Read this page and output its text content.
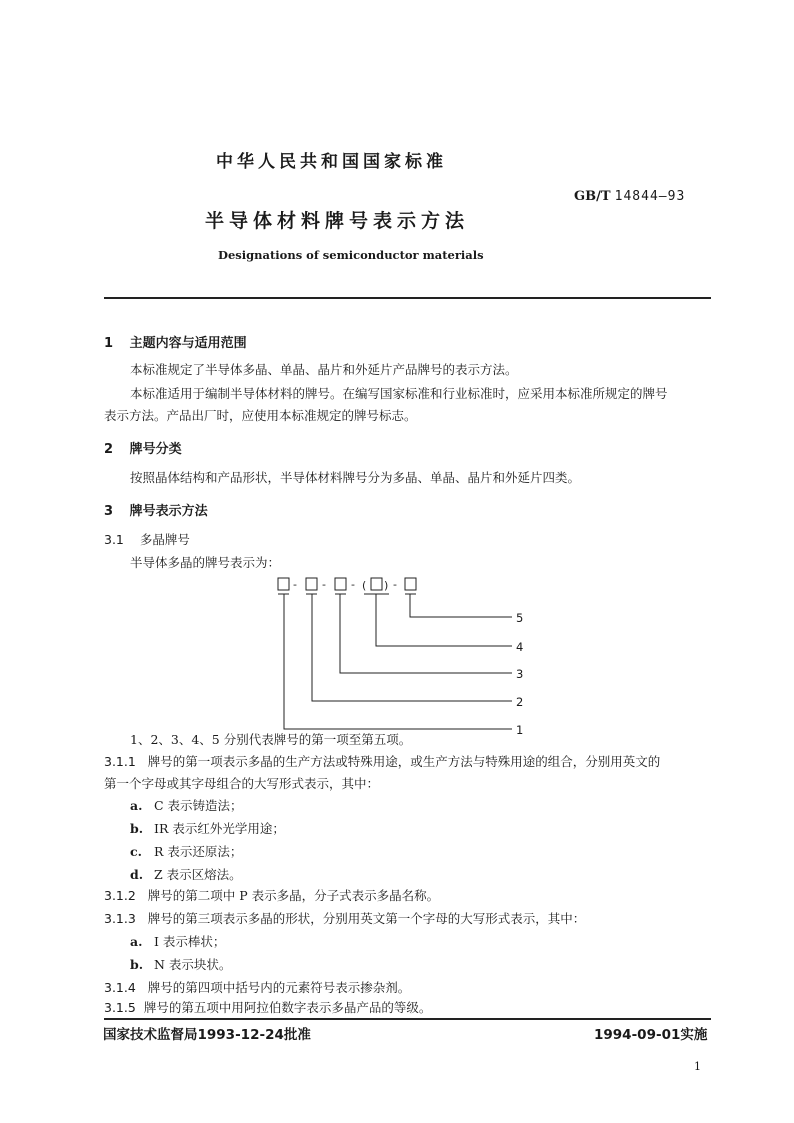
中华人民共和国国家标准
GB/T 14844—93
半导体材料牌号表示方法
Designations of semiconductor materials
1 主题内容与适用范围
本标准规定了半导体多晶、单晶、晶片和外延片产品牌号的表示方法。
本标准适用于编制半导体材料的牌号。在编写国家标准和行业标准时，应采用本标准所规定的牌号
表示方法。产品出厂时，应使用本标准规定的牌号标志。
2 牌号分类
按照晶体结构和产品形状，半导体材料牌号分为多晶、单晶、晶片和外延片四类。
3 牌号表示方法
3.1 多晶牌号
半导体多晶的牌号表示为：
- - - ( ) -
5
4
3
2
1
1、2、3、4、5 分别代表牌号的第一项至第五项。
3.1.1 牌号的第一项表示多晶的生产方法或特殊用途，或生产方法与特殊用途的组合，分别用英文的
第一个字母或其字母组合的大写形式表示，其中：
a. C 表示铸造法；
b. IR 表示红外光学用途；
c. R 表示还原法；
d. Z 表示区熔法。
3.1.2 牌号的第二项中 P 表示多晶，分子式表示多晶名称。
3.1.3 牌号的第三项表示多晶的形状，分别用英文第一个字母的大写形式表示，其中：
a. I 表示棒状；
b. N 表示块状。
3.1.4 牌号的第四项中括号内的元素符号表示掺杂剂。
3.1.5 牌号的第五项中用阿拉伯数字表示多晶产品的等级。
国家技术监督局1993-12-24批准	1994-09-01实施
1
